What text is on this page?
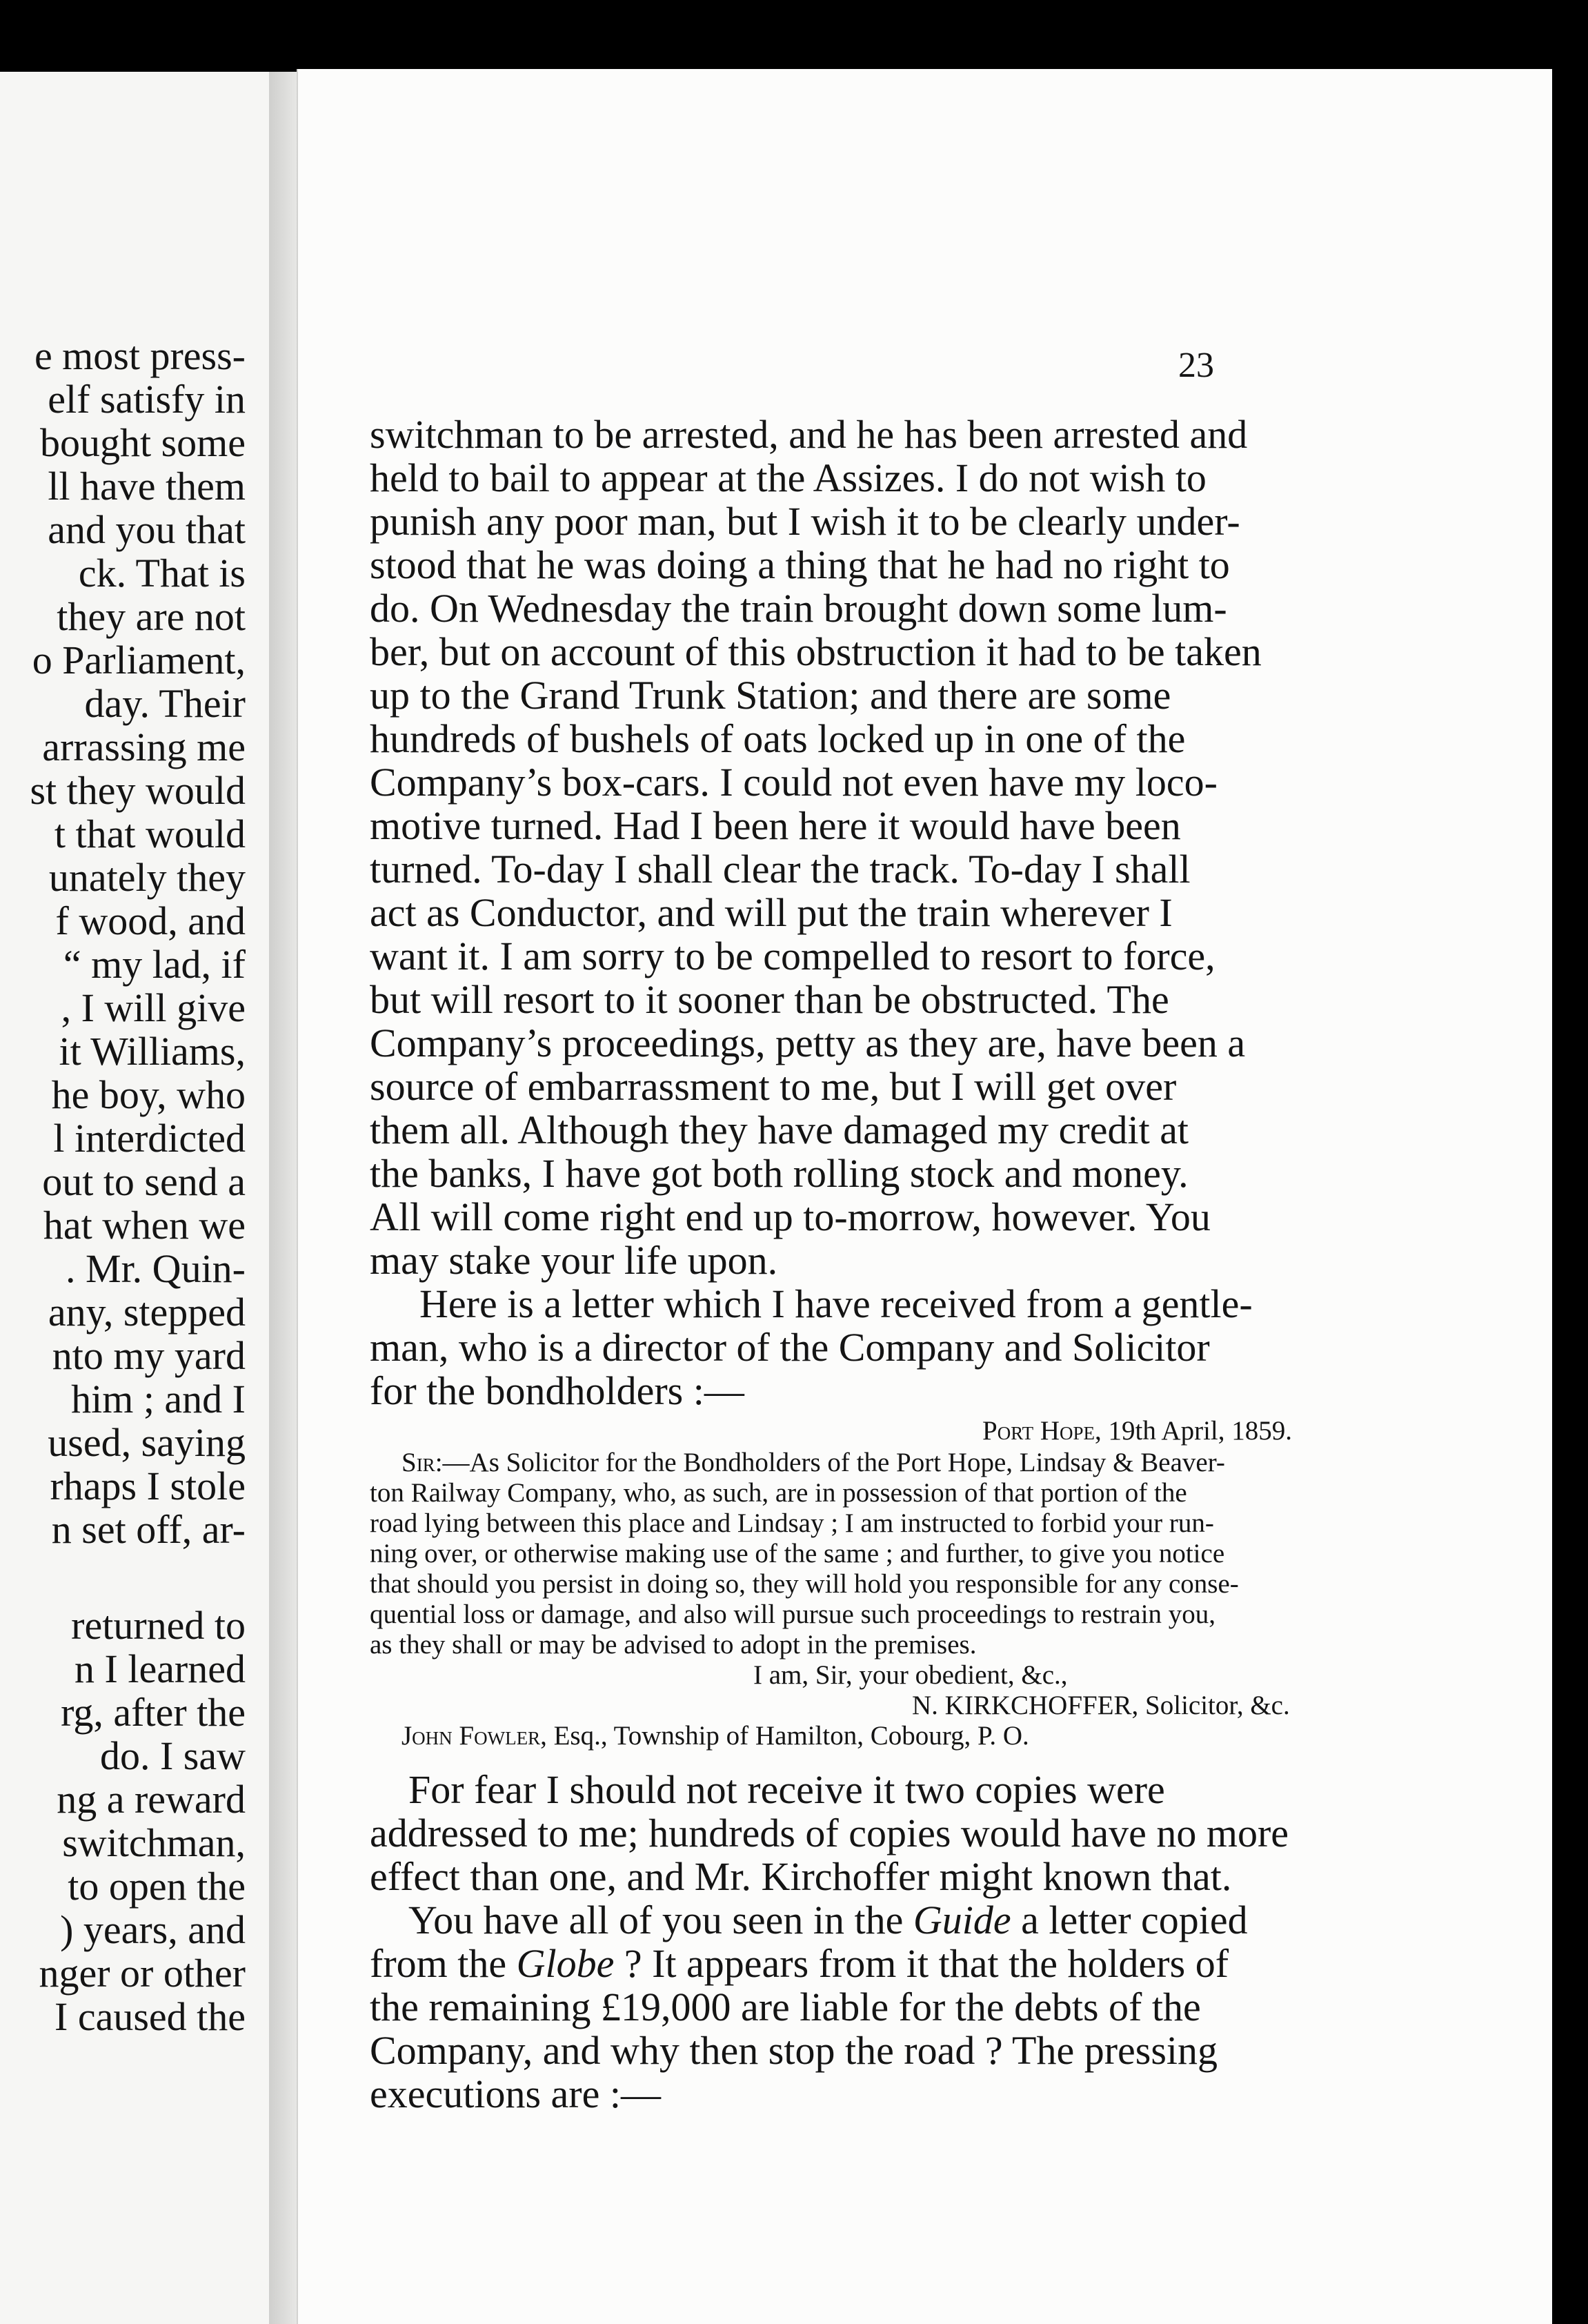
e most press-
elf satisfy in
bought some
ll have them
and you that
ck. That is
they are not
o Parliament,
day. Their
arrassing me
st they would
t that would
unately they
f wood, and
“ my lad, if
, I will give
it Williams,
he boy, who
l interdicted
out to send a
hat when we
. Mr. Quin-
any, stepped
nto my yard
him ; and I
used, saying
rhaps I stole
n set off, ar-
returned to
n I learned
rg, after the
do. I saw
ng a reward
switchman,
to open the
) years, and
nger or other
I caused the
23
switchman to be arrested, and he has been arrested and
held to bail to appear at the Assizes. I do not wish to
punish any poor man, but I wish it to be clearly under-
stood that he was doing a thing that he had no right to
do. On Wednesday the train brought down some lum-
ber, but on account of this obstruction it had to be taken
up to the Grand Trunk Station; and there are some
hundreds of bushels of oats locked up in one of the
Company’s box-cars. I could not even have my loco-
motive turned. Had I been here it would have been
turned. To-day I shall clear the track. To-day I shall
act as Conductor, and will put the train wherever I
want it. I am sorry to be compelled to resort to force,
but will resort to it sooner than be obstructed. The
Company’s proceedings, petty as they are, have been a
source of embarrassment to me, but I will get over
them all. Although they have damaged my credit at
the banks, I have got both rolling stock and money.
All will come right end up to-morrow, however. You
may stake your life upon.
Here is a letter which I have received from a gentle-
man, who is a director of the Company and Solicitor
for the bondholders :—
Port Hope, 19th April, 1859.
Sir:—As Solicitor for the Bondholders of the Port Hope, Lindsay & Beaver-
ton Railway Company, who, as such, are in possession of that portion of the
road lying between this place and Lindsay ; I am instructed to forbid your run-
ning over, or otherwise making use of the same ; and further, to give you notice
that should you persist in doing so, they will hold you responsible for any conse-
quential loss or damage, and also will pursue such proceedings to restrain you,
as they shall or may be advised to adopt in the premises.
I am, Sir, your obedient, &c.,
N. KIRKCHOFFER, Solicitor, &c.
John Fowler, Esq., Township of Hamilton, Cobourg, P. O.
For fear I should not receive it two copies were
addressed to me; hundreds of copies would have no more
effect than one, and Mr. Kirchoffer might known that.
You have all of you seen in the Guide a letter copied
from the Globe ? It appears from it that the holders of
the remaining £19,000 are liable for the debts of the
Company, and why then stop the road ? The pressing
executions are :—
